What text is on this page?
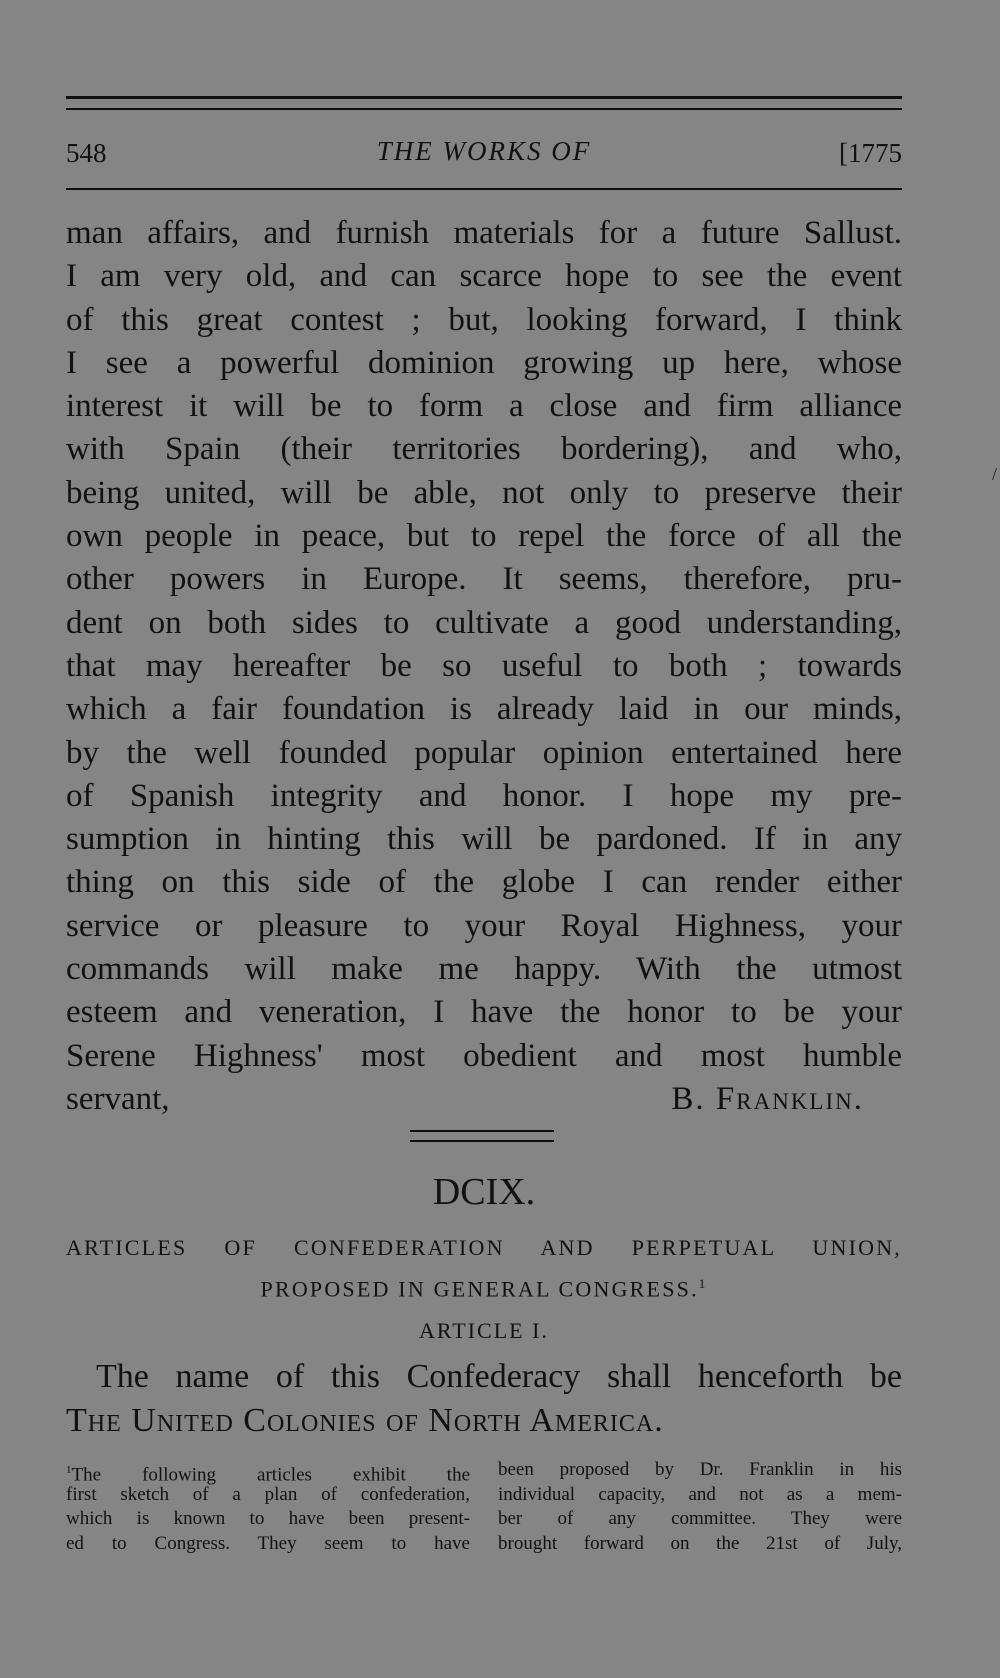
/
548	THE WORKS OF	[1775
man affairs, and furnish materials for a future Sallust.
I am very old, and can scarce hope to see the event
of this great contest ; but, looking forward, I think
I see a powerful dominion growing up here, whose
interest it will be to form a close and firm alliance
with Spain (their territories bordering), and who,
being united, will be able, not only to preserve their
own people in peace, but to repel the force of all the
other powers in Europe. It seems, therefore, pru-
dent on both sides to cultivate a good understanding,
that may hereafter be so useful to both ; towards
which a fair foundation is already laid in our minds,
by the well founded popular opinion entertained here
of Spanish integrity and honor. I hope my pre-
sumption in hinting this will be pardoned. If in any
thing on this side of the globe I can render either
service or pleasure to your Royal Highness, your
commands will make me happy. With the utmost
esteem and veneration, I have the honor to be your
Serene Highness' most obedient and most humble
servant,	B. Franklin.
DCIX.
ARTICLES OF CONFEDERATION AND PERPETUAL UNION,
PROPOSED IN GENERAL CONGRESS.$^1$
ARTICLE I.
The name of this Confederacy shall henceforth be
The United Colonies of North America.
$^1$The following articles exhibit the
first sketch of a plan of confederation,
which is known to have been present-
ed to Congress. They seem to have
been proposed by Dr. Franklin in his
individual capacity, and not as a mem-
ber of any committee. They were
brought forward on the 21st of July,
